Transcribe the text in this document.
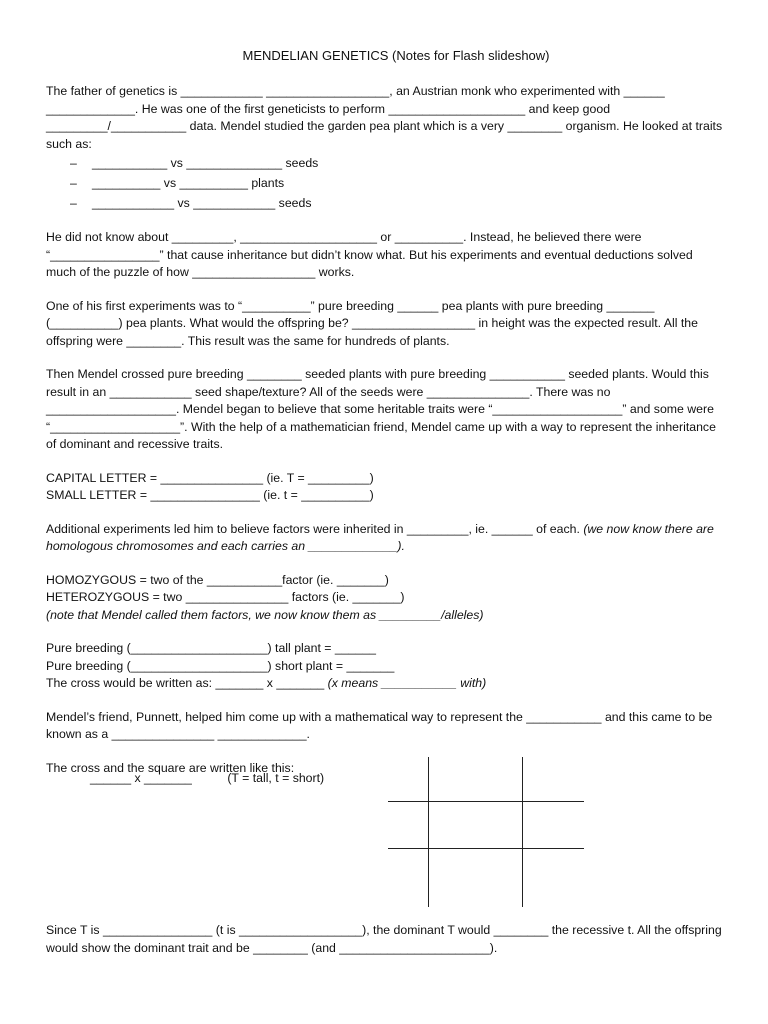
MENDELIAN GENETICS (Notes for Flash slideshow)

The father of genetics is ____________ __________________, an Austrian monk who experimented with ______ _____________. He was one of the first geneticists to perform ____________________ and keep good _________/___________ data. Mendel studied the garden pea plant which is a very ________ organism. He looked at traits such as:

– ___________ vs ______________ seeds
– __________ vs __________ plants
– ____________ vs ____________ seeds

He did not know about _________, ____________________ or __________. Instead, he believed there were “________________” that cause inheritance but didn’t know what. But his experiments and eventual deductions solved much of the puzzle of how __________________ works.

One of his first experiments was to “__________” pure breeding ______ pea plants with pure breeding _______ (__________) pea plants. What would the offspring be? __________________ in height was the expected result. All the offspring were ________. This result was the same for hundreds of plants.

Then Mendel crossed pure breeding ________ seeded plants with pure breeding ___________ seeded plants. Would this result in an ____________ seed shape/texture? All of the seeds were _______________. There was no ___________________. Mendel began to believe that some heritable traits were “___________________” and some were “___________________”. With the help of a mathematician friend, Mendel came up with a way to represent the inheritance of dominant and recessive traits.

CAPITAL LETTER = _______________ (ie. T = _________)

SMALL LETTER = ________________ (ie. t = __________)

Additional experiments led him to believe factors were inherited in _________, ie. ______ of each. (we now know there are homologous chromosomes and each carries an _____________).

HOMOZYGOUS = two of the ___________factor (ie. _______)

HETEROZYGOUS = two _______________ factors (ie. _______)

(note that Mendel called them factors, we now know them as _________/alleles)

Pure breeding (____________________) tall plant = ______

Pure breeding (____________________) short plant = _______

The cross would be written as: _______ x _______ (x means ___________ with)

Mendel’s friend, Punnett, helped him come up with a mathematical way to represent the ___________ and this came to be known as a _______________ _____________.

The cross and the square are written like this:

______ x _______	(T = tall, t = short)

Since T is ________________ (t is __________________), the dominant T would ________ the recessive t. All the offspring would show the dominant trait and be ________ (and ______________________).
